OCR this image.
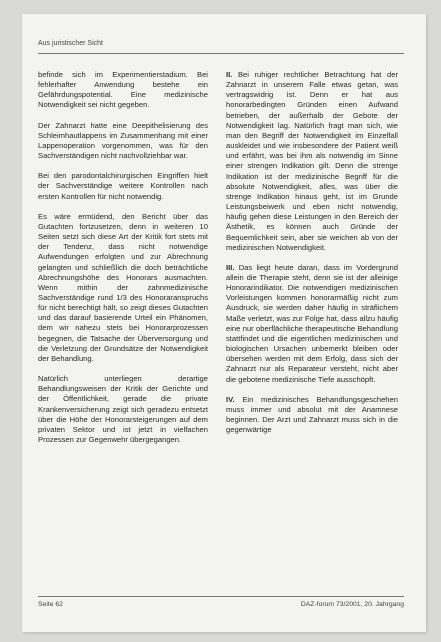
Aus juristischer Sicht

befinde sich im Experimentierstadium. Bei fehlerhafter Anwendung bestehe ein Gefährdungspotential. Eine medizinische Notwendigkeit sei nicht gegeben.

Der Zahnarzt hatte eine Deepithelisierung des Schleimhautlappens im Zusammenhang mit einer Lappenoperation vorgenommen, was für den Sachverständigen nicht nachvollziehbar war.

Bei den parodontalchirurgischen Eingriffen hielt der Sachverständige weitere Kontrollen nach ersten Kontrollen für nicht notwendig.

Es wäre ermüdend, den Bericht über das Gutachten fortzusetzen, denn in weiteren 10 Seiten setzt sich diese Art der Kritik fort stets mit der Tendenz, dass nicht notwendige Aufwendungen erfolgten und zur Abrechnung gelangten und schließlich die doch beträchtliche Abrechnungshöhe des Honorars ausmachten. Wenn mithin der zahnmedizinische Sachverständige rund 1/3 des Honoraranspruchs für nicht berechtigt hält, so zeigt dieses Gutachten und das darauf basierende Urteil ein Phänomen, dem wir nahezu stets bei Honorarprozessen begegnen, die Tatsache der Überversorgung und die Verletzung der Grundsätze der Notwendigkeit der Behandlung.

Natürlich unterliegen derartige Behandlungsweisen der Kritik der Gerichte und der Öffentlichkeit, gerade die private Krankenversicherung zeigt sich geradezu entsetzt über die Höhe der Honorarsteigerungen auf dem privaten Sektor und ist jetzt in vielfachen Prozessen zur Gegenwehr übergegangen.

II. Bei ruhiger rechtlicher Betrachtung hat der Zahnarzt in unserem Falle etwas getan, was vertragswidrig ist. Denn er hat aus honorarbedingten Gründen einen Aufwand betrieben, der außerhalb der Gebote der Notwendigkeit lag. Natürlich fragt man sich, wie man den Begriff der Notwendigkeit im Einzelfall auskleidet und wie insbesondere der Patient weiß und erfährt, was bei ihm als notwendig im Sinne einer strengen Indikation gilt. Denn die strenge Indikation ist der medizinische Begriff für die absolute Notwendigkeit, alles, was über die strenge Indikation hinaus geht, ist im Grunde Leistungsbeiwerk und eben nicht notwendig, häufig gehen diese Leistungen in den Bereich der Ästhetik, es können auch Gründe der Bequemlichkeit sein, aber sie weichen ab von der medizinischen Notwendigkeit.

III. Das liegt heute daran, dass im Vordergrund allein die Therapie steht, denn sie ist der alleinige Honorarindikator. Die notwendigen medizinischen Vorleistungen kommen honorarmäßig nicht zum Ausdruck, sie werden daher häufig in sträflichem Maße verletzt, was zur Folge hat, dass allzu häufig eine nur oberflächliche therapeutische Behandlung stattfindet und die eigentlichen medizinischen und biologischen Ursachen unbemerkt bleiben oder übersehen werden mit dem Erfolg, dass sich der Zahnarzt nur als Reparateur versteht, nicht aber die gebotene medizinische Tiefe ausschöpft.

IV. Ein medizinisches Behandlungsgeschehen muss immer und absolut mit der Anamnese beginnen. Der Arzt und Zahnarzt muss sich in die gegenwärtige

Seite 62	DAZ-forum 73/2001, 20. Jahrgang
